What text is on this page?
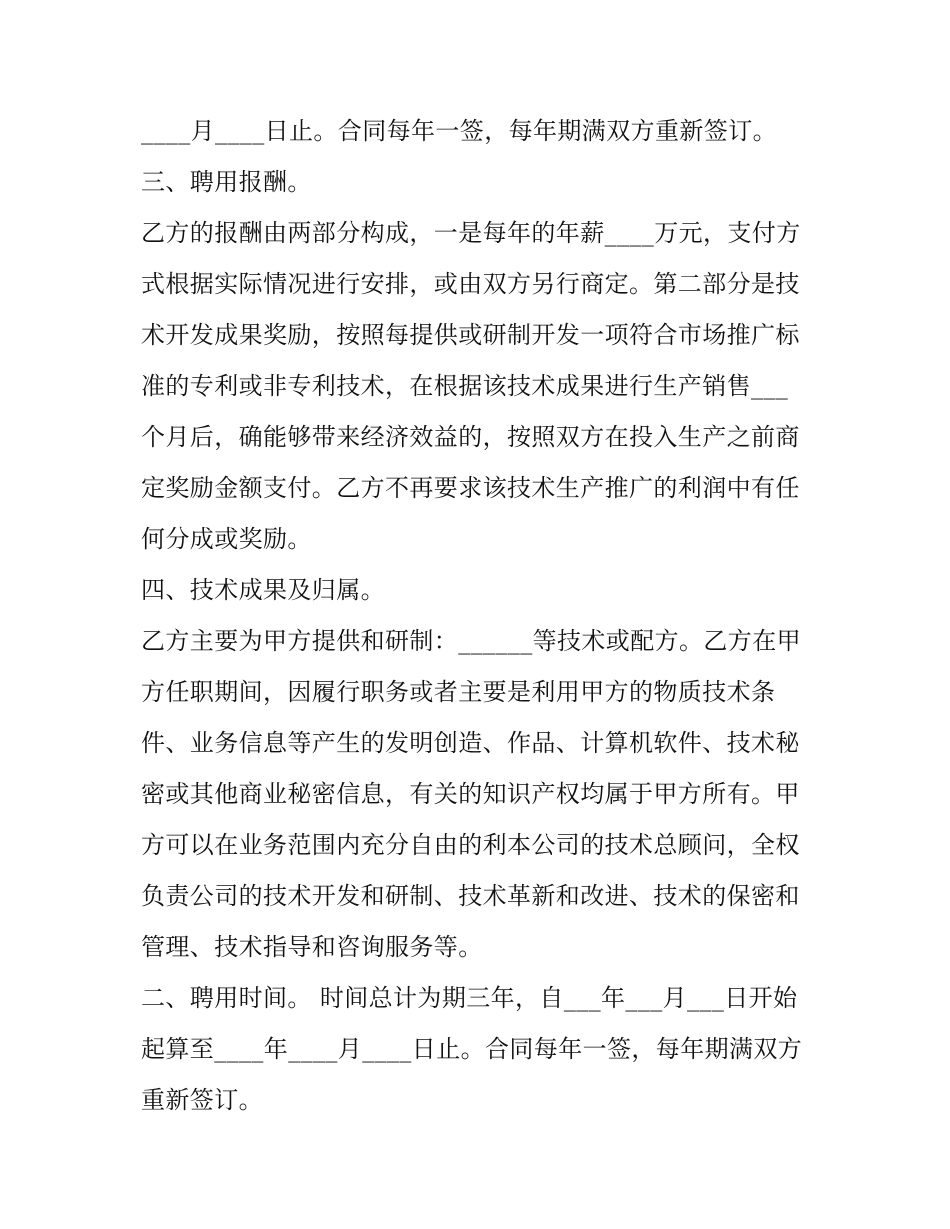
____月____日止。合同每年一签，每年期满双方重新签订。
三、聘用报酬。
乙方的报酬由两部分构成，一是每年的年薪____万元，支付方
式根据实际情况进行安排，或由双方另行商定。第二部分是技
术开发成果奖励，按照每提供或研制开发一项符合市场推广标
准的专利或非专利技术，在根据该技术成果进行生产销售___
个月后，确能够带来经济效益的，按照双方在投入生产之前商
定奖励金额支付。乙方不再要求该技术生产推广的利润中有任
何分成或奖励。
四、技术成果及归属。
乙方主要为甲方提供和研制：______等技术或配方。乙方在甲
方任职期间，因履行职务或者主要是利用甲方的物质技术条
件、业务信息等产生的发明创造、作品、计算机软件、技术秘
密或其他商业秘密信息，有关的知识产权均属于甲方所有。甲
方可以在业务范围内充分自由的利本公司的技术总顾问，全权
负责公司的技术开发和研制、技术革新和改进、技术的保密和
管理、技术指导和咨询服务等。
二、聘用时间。 时间总计为期三年，自___年___月___日开始
起算至____年____月____日止。合同每年一签，每年期满双方
重新签订。
